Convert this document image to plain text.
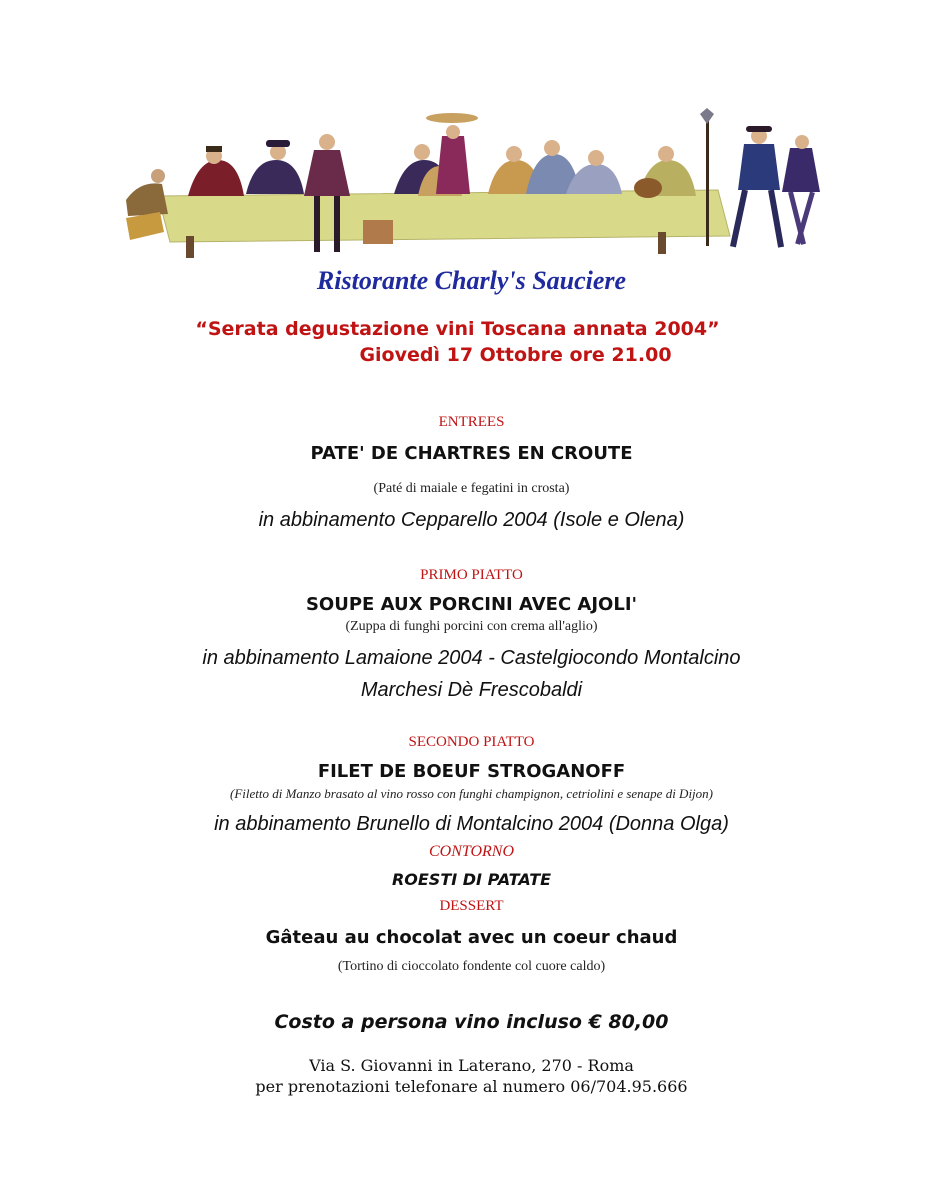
Ristorante Charly's Sauciere
“Serata degustazione vini Toscana annata 2004”
Giovedì 17 Ottobre ore 21.00
ENTREES
PATE' DE CHARTRES EN CROUTE
(Paté di maiale e fegatini in crosta)
in abbinamento Cepparello 2004 (Isole e Olena)
PRIMO PIATTO
SOUPE AUX PORCINI AVEC AJOLI'
(Zuppa di funghi porcini con crema all'aglio)
in abbinamento Lamaione 2004 - Castelgiocondo Montalcino
Marchesi Dè Frescobaldi
SECONDO PIATTO
FILET DE BOEUF STROGANOFF
(Filetto di Manzo brasato al vino rosso con funghi champignon, cetriolini e senape di Dijon)
in abbinamento Brunello di Montalcino 2004 (Donna Olga)
CONTORNO
ROESTI DI PATATE
DESSERT
Gâteau au chocolat avec un coeur chaud
(Tortino di cioccolato fondente col cuore caldo)
Costo a persona vino incluso € 80,00
Via S. Giovanni in Laterano, 270 - Roma
per prenotazioni telefonare al numero 06/704.95.666
